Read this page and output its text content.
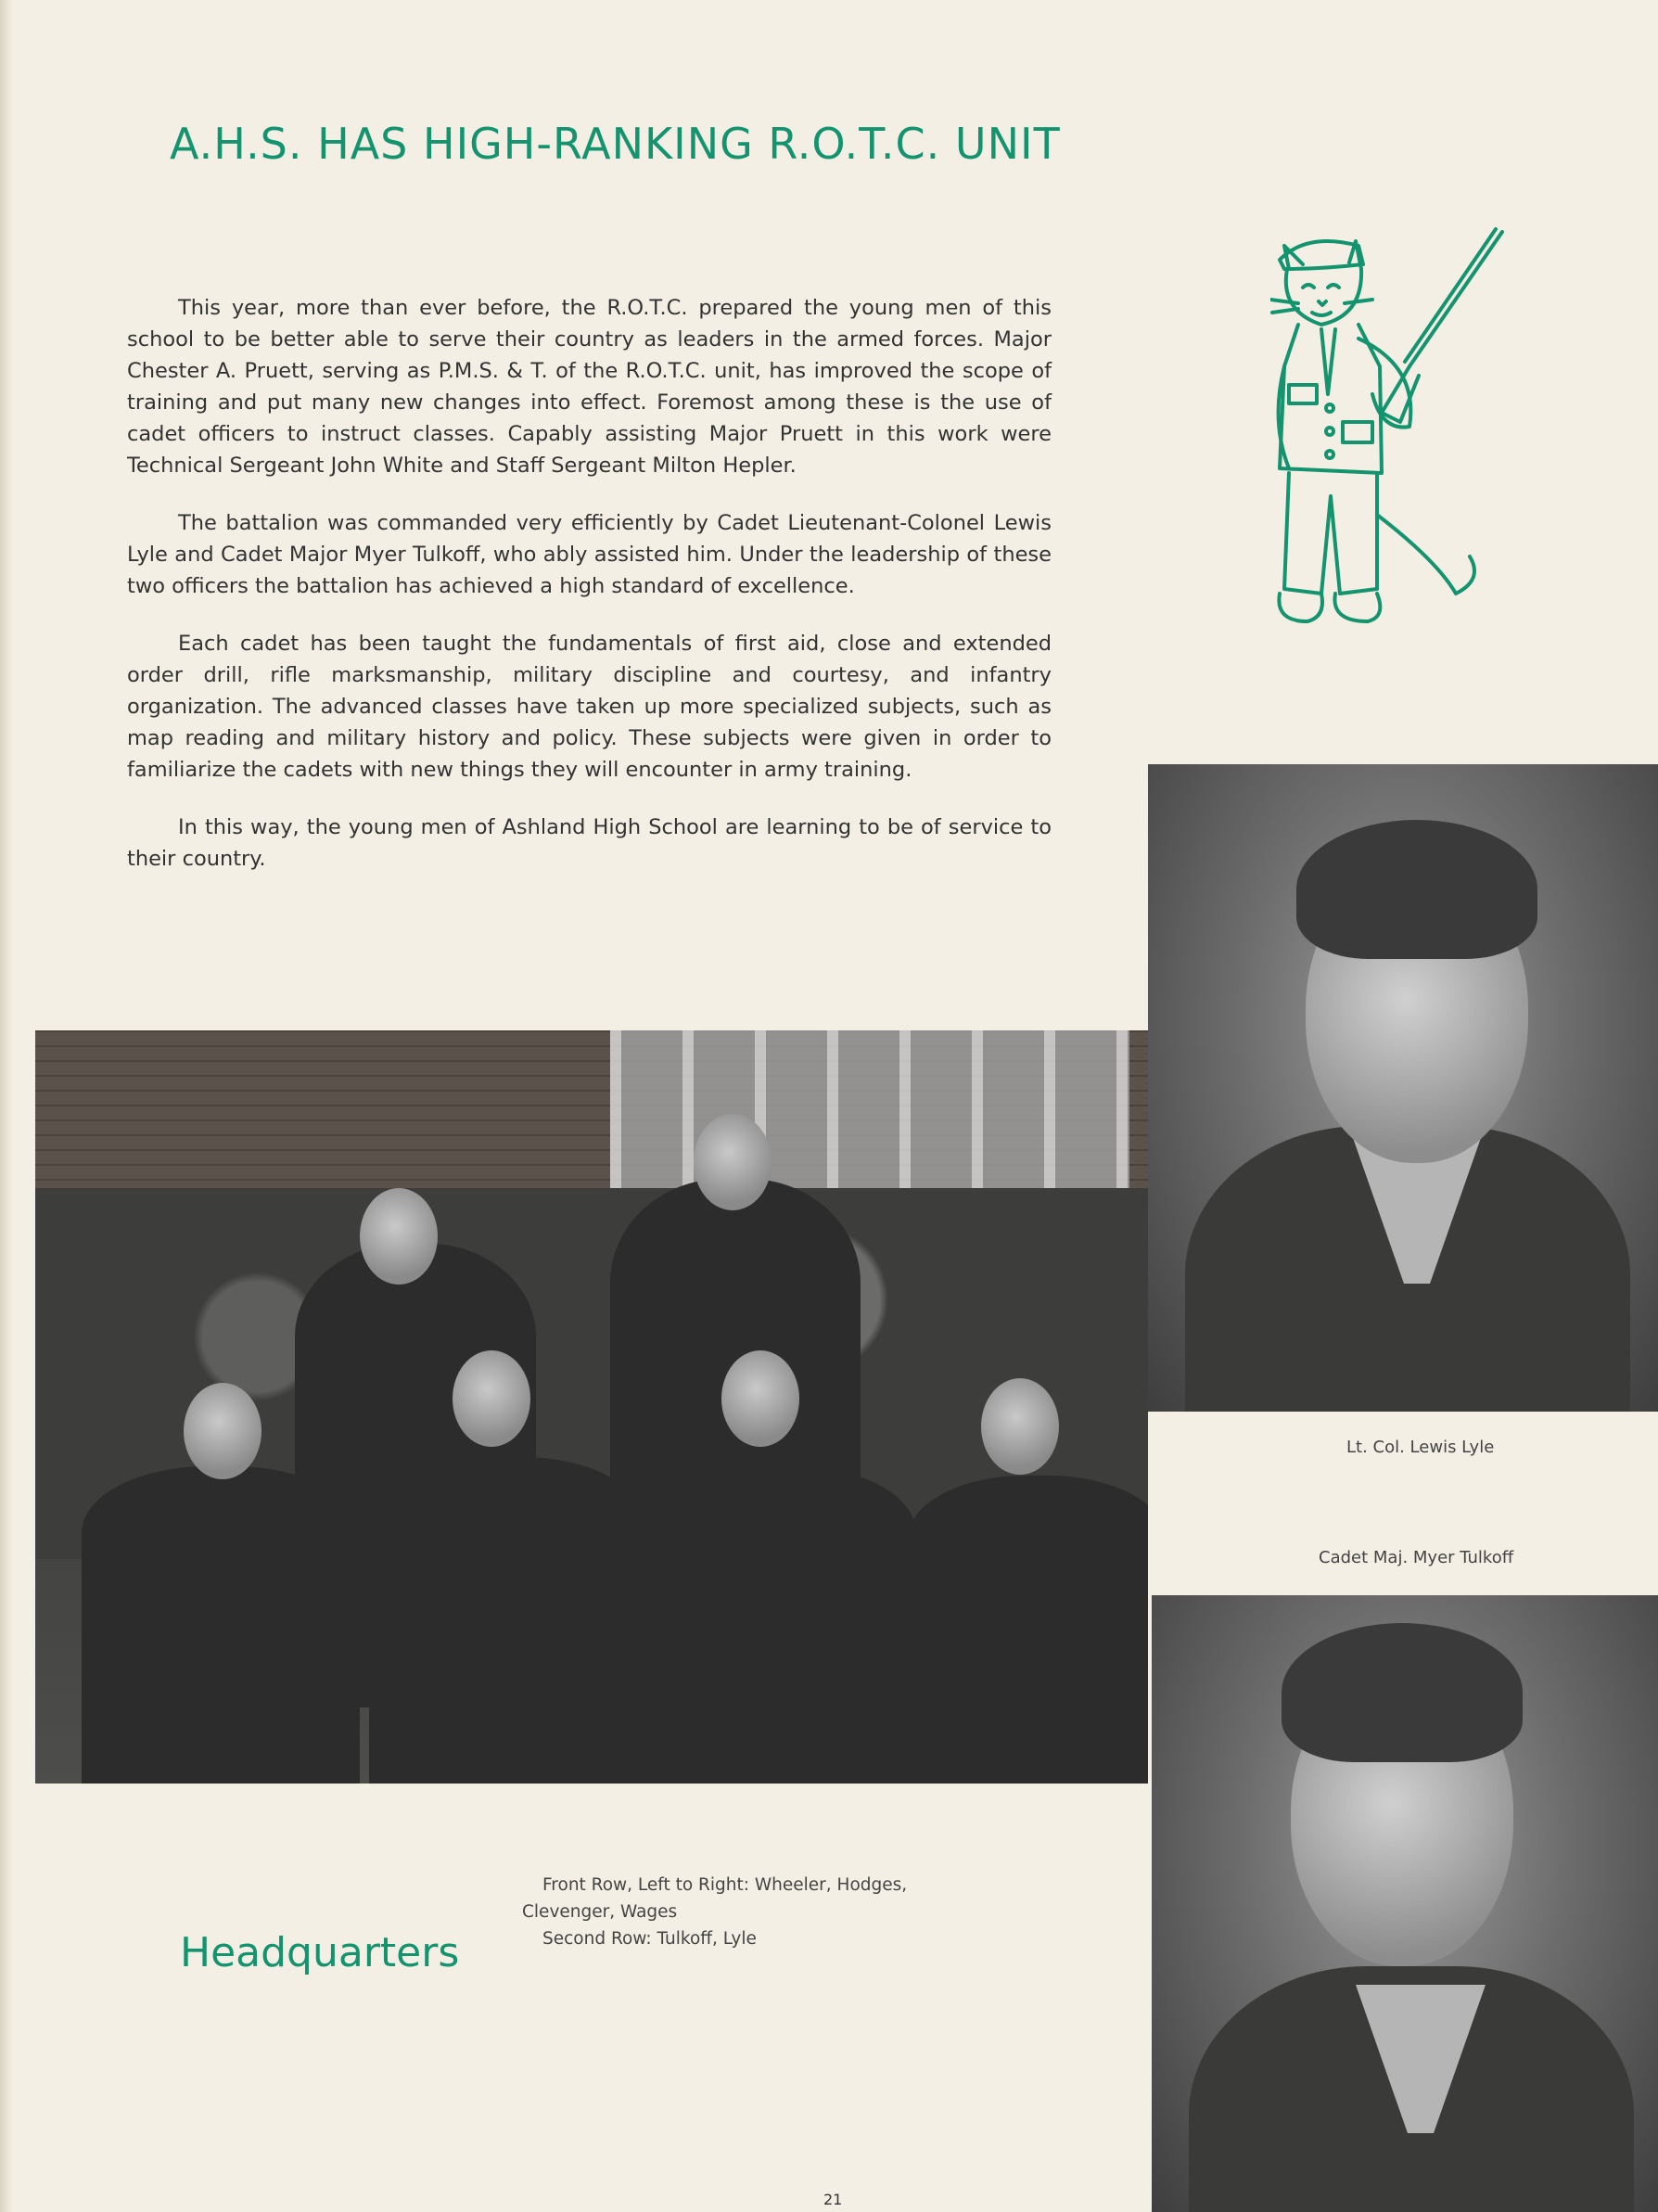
A.H.S. HAS HIGH-RANKING R.O.T.C. UNIT

This year, more than ever before, the R.O.T.C. prepared the young men of this school to be better able to serve their country as leaders in the armed forces. Major Chester A. Pruett, serving as P.M.S. & T. of the R.O.T.C. unit, has improved the scope of training and put many new changes into effect. Foremost among these is the use of cadet officers to instruct classes. Capably assisting Major Pruett in this work were Technical Sergeant John White and Staff Sergeant Milton Hepler.

The battalion was commanded very efficiently by Cadet Lieutenant-Colonel Lewis Lyle and Cadet Major Myer Tulkoff, who ably assisted him. Under the leadership of these two officers the battalion has achieved a high standard of excellence.

Each cadet has been taught the fundamentals of first aid, close and extended order drill, rifle marksmanship, military discipline and courtesy, and infantry organization. The advanced classes have taken up more specialized subjects, such as map reading and military history and policy. These subjects were given in order to familiarize the cadets with new things they will encounter in army training.

In this way, the young men of Ashland High School are learning to be of service to their country.

Lt. Col. Lewis Lyle
Cadet Maj. Myer Tulkoff
Front Row, Left to Right: Wheeler, Hodges, Clevenger, Wages
Second Row: Tulkoff, Lyle
Headquarters
21
